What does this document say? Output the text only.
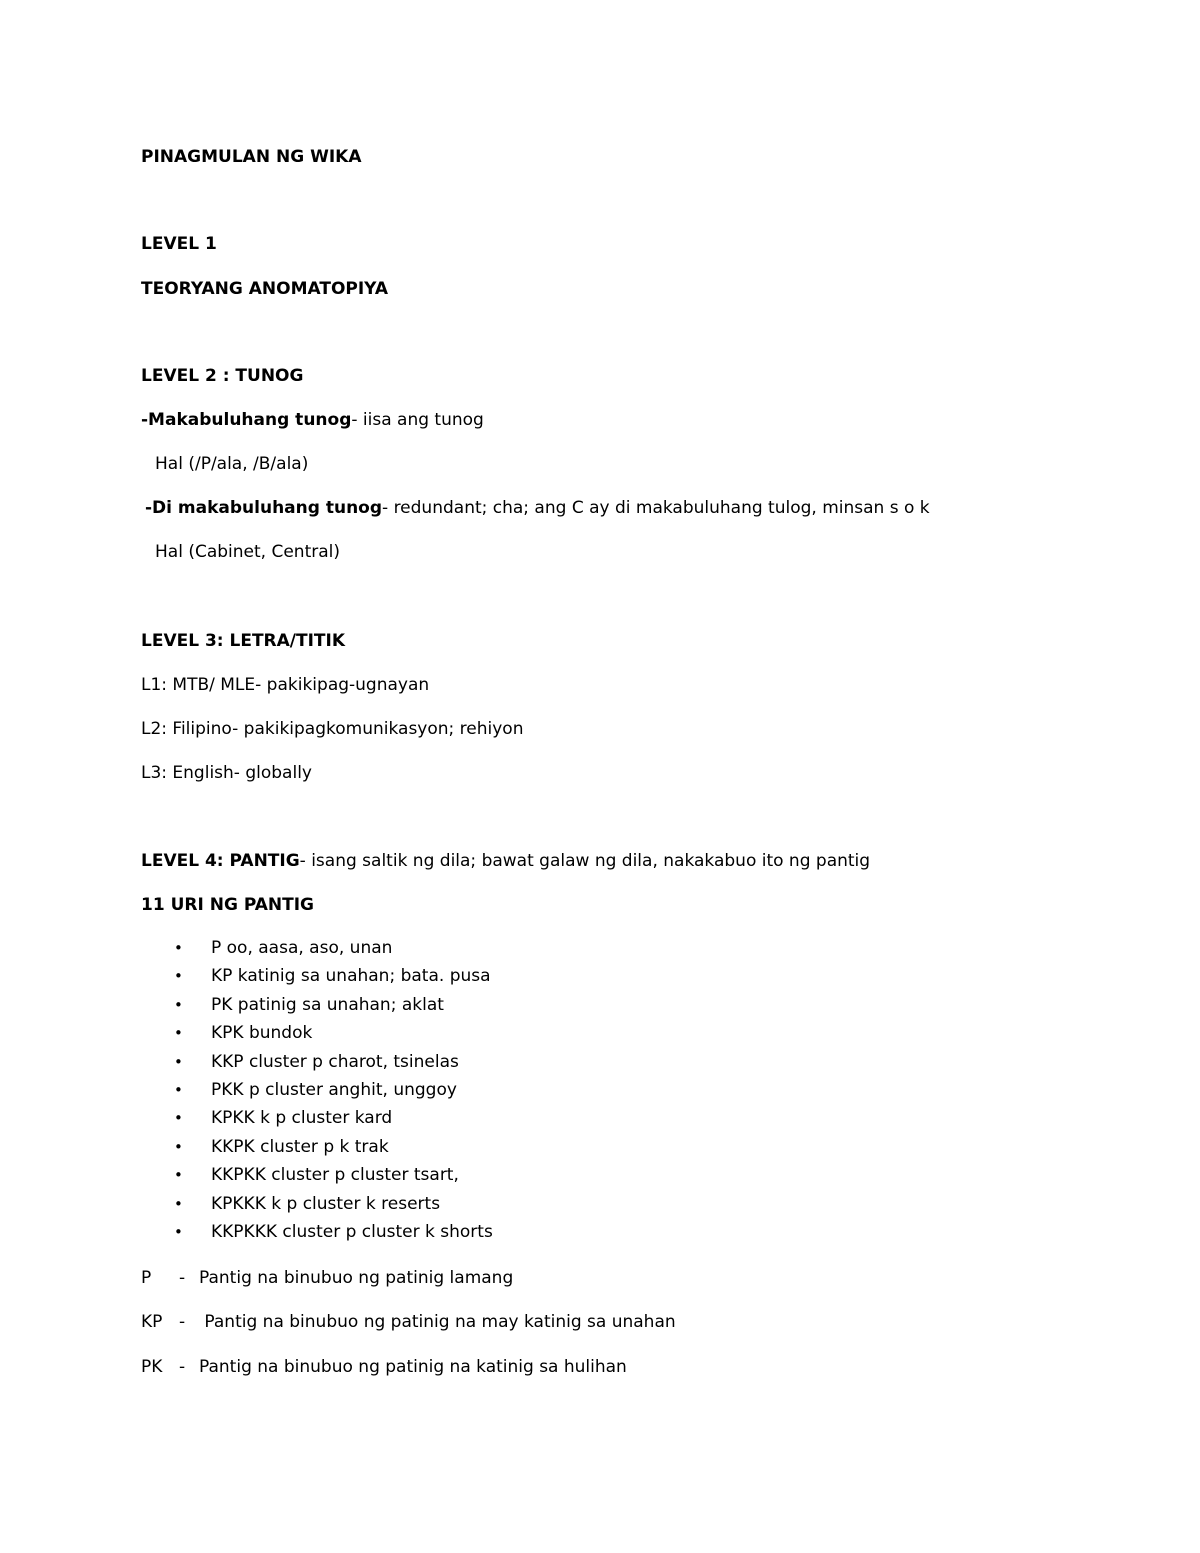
PINAGMULAN NG WIKA
LEVEL 1
TEORYANG ANOMATOPIYA
LEVEL 2 : TUNOG
-Makabuluhang tunog- iisa ang tunog
Hal (/P/ala, /B/ala)
-Di makabuluhang tunog- redundant; cha; ang C ay di makabuluhang tulog, minsan s o k
Hal (Cabinet, Central)
LEVEL 3: LETRA/TITIK
L1: MTB/ MLE- pakikipag-ugnayan
L2: Filipino- pakikipagkomunikasyon; rehiyon
L3: English- globally
LEVEL 4: PANTIG- isang saltik ng dila; bawat galaw ng dila, nakakabuo ito ng pantig
11 URI NG PANTIG
• P oo, aasa, aso, unan
• KP katinig sa unahan; bata. pusa
• PK patinig sa unahan; aklat
• KPK bundok
• KKP cluster p charot, tsinelas
• PKK p cluster anghit, unggoy
• KPKK k p cluster kard
• KKPK cluster p k trak
• KKPKK cluster p cluster tsart,
• KPKKK k p cluster k reserts
• KKPKKK cluster p cluster k shorts
P - Pantig na binubuo ng patinig lamang
KP - Pantig na binubuo ng patinig na may katinig sa unahan
PK - Pantig na binubuo ng patinig na katinig sa hulihan
